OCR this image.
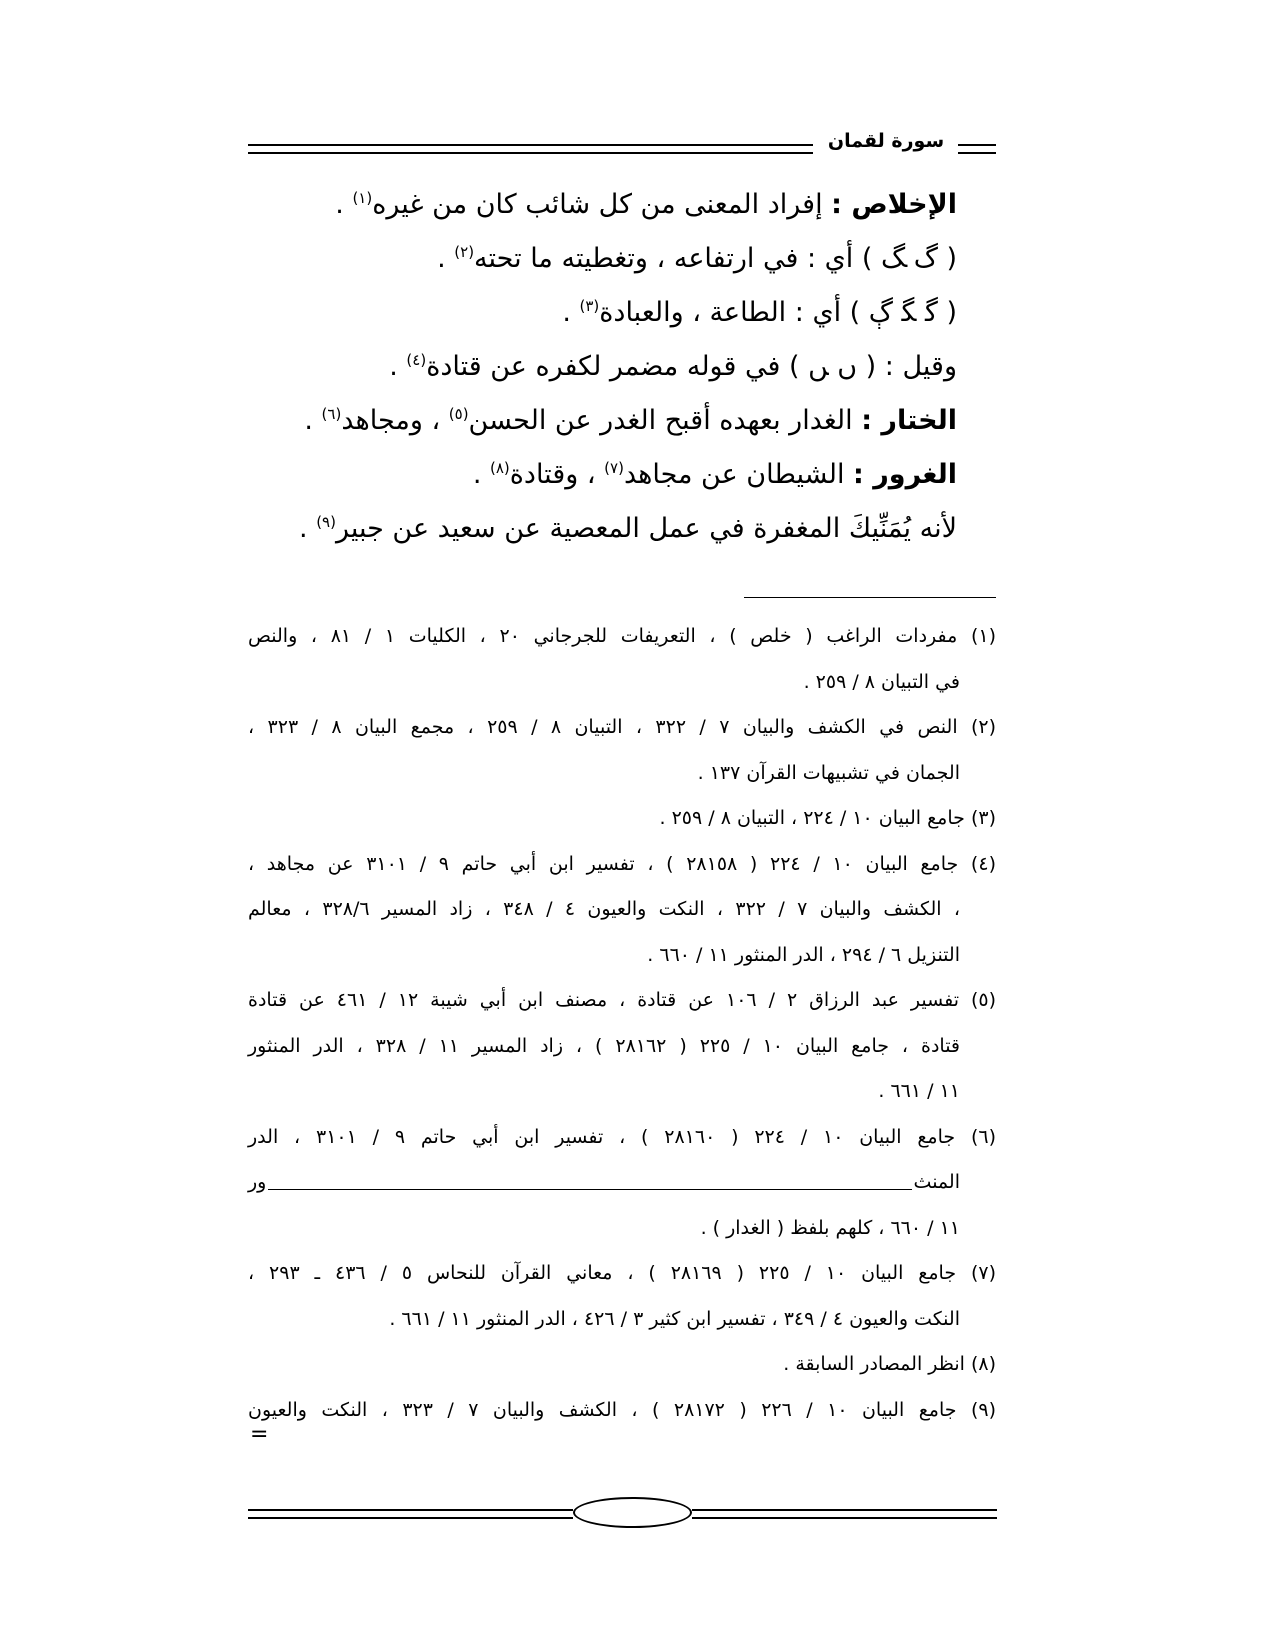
سورة لقمان
الإخلاص : إفراد المعنى من كل شائب كان من غيره$^{(١)}$ .
( ﮒ ﮓ ) أي : في ارتفاعه ، وتغطيته ما تحته$^{(٢)}$ .
( ﮔ ﮕ ﮖ ) أي : الطاعة ، والعبادة$^{(٣)}$ .
وقيل : ( ﮞ ﮟ ) في قوله مضمر لكفره عن قتادة$^{(٤)}$ .
الختار : الغدار بعهده أقبح الغدر عن الحسن$^{(٥)}$ ، ومجاهد$^{(٦)}$ .
الغرور : الشيطان عن مجاهد$^{(٧)}$ ، وقتادة$^{(٨)}$ .
لأنه يُمَنِّيكَ المغفرة في عمل المعصية عن سعيد عن جبير$^{(٩)}$ .
(١) مفردات الراغب ( خلص ) ، التعريفات للجرجاني ٢٠ ، الكليات ١ / ٨١ ، والنص
في التبيان ٨ / ٢٥٩ .
(٢) النص في الكشف والبيان ٧ / ٣٢٢ ، التبيان ٨ / ٢٥٩ ، مجمع البيان ٨ / ٣٢٣ ،
الجمان في تشبيهات القرآن ١٣٧ .
(٣) جامع البيان ١٠ / ٢٢٤ ، التبيان ٨ / ٢٥٩ .
(٤) جامع البيان ١٠ / ٢٢٤ ( ٢٨١٥٨ ) ، تفسير ابن أبي حاتم ٩ / ٣١٠١ عن مجاهد ،
، الكشف والبيان ٧ / ٣٢٢ ، النكت والعيون ٤ / ٣٤٨ ، زاد المسير ٣٢٨/٦ ، معالم
التنزيل ٦ / ٢٩٤ ، الدر المنثور ١١ / ٦٦٠ .
(٥) تفسير عبد الرزاق ٢ / ١٠٦ عن قتادة ، مصنف ابن أبي شيبة ١٢ / ٤٦١ عن قتادة
قتادة ، جامع البيان ١٠ / ٢٢٥ ( ٢٨١٦٢ ) ، زاد المسير ١١ / ٣٢٨ ، الدر المنثور
١١ / ٦٦١ .
(٦) جامع البيان ١٠ / ٢٢٤ ( ٢٨١٦٠ ) ، تفسير ابن أبي حاتم ٩ / ٣١٠١ ، الدر
المنث
ور
١١ / ٦٦٠ ، كلهم بلفظ ( الغدار ) .
(٧) جامع البيان ١٠ / ٢٢٥ ( ٢٨١٦٩ ) ، معاني القرآن للنحاس ٥ / ٤٣٦ ـ ٢٩٣ ،
النكت والعيون ٤ / ٣٤٩ ، تفسير ابن كثير ٣ / ٤٢٦ ، الدر المنثور ١١ / ٦٦١ .
(٨) انظر المصادر السابقة .
(٩) جامع البيان ١٠ / ٢٢٦ ( ٢٨١٧٢ ) ، الكشف والبيان ٧ / ٣٢٣ ، النكت والعيون
=
